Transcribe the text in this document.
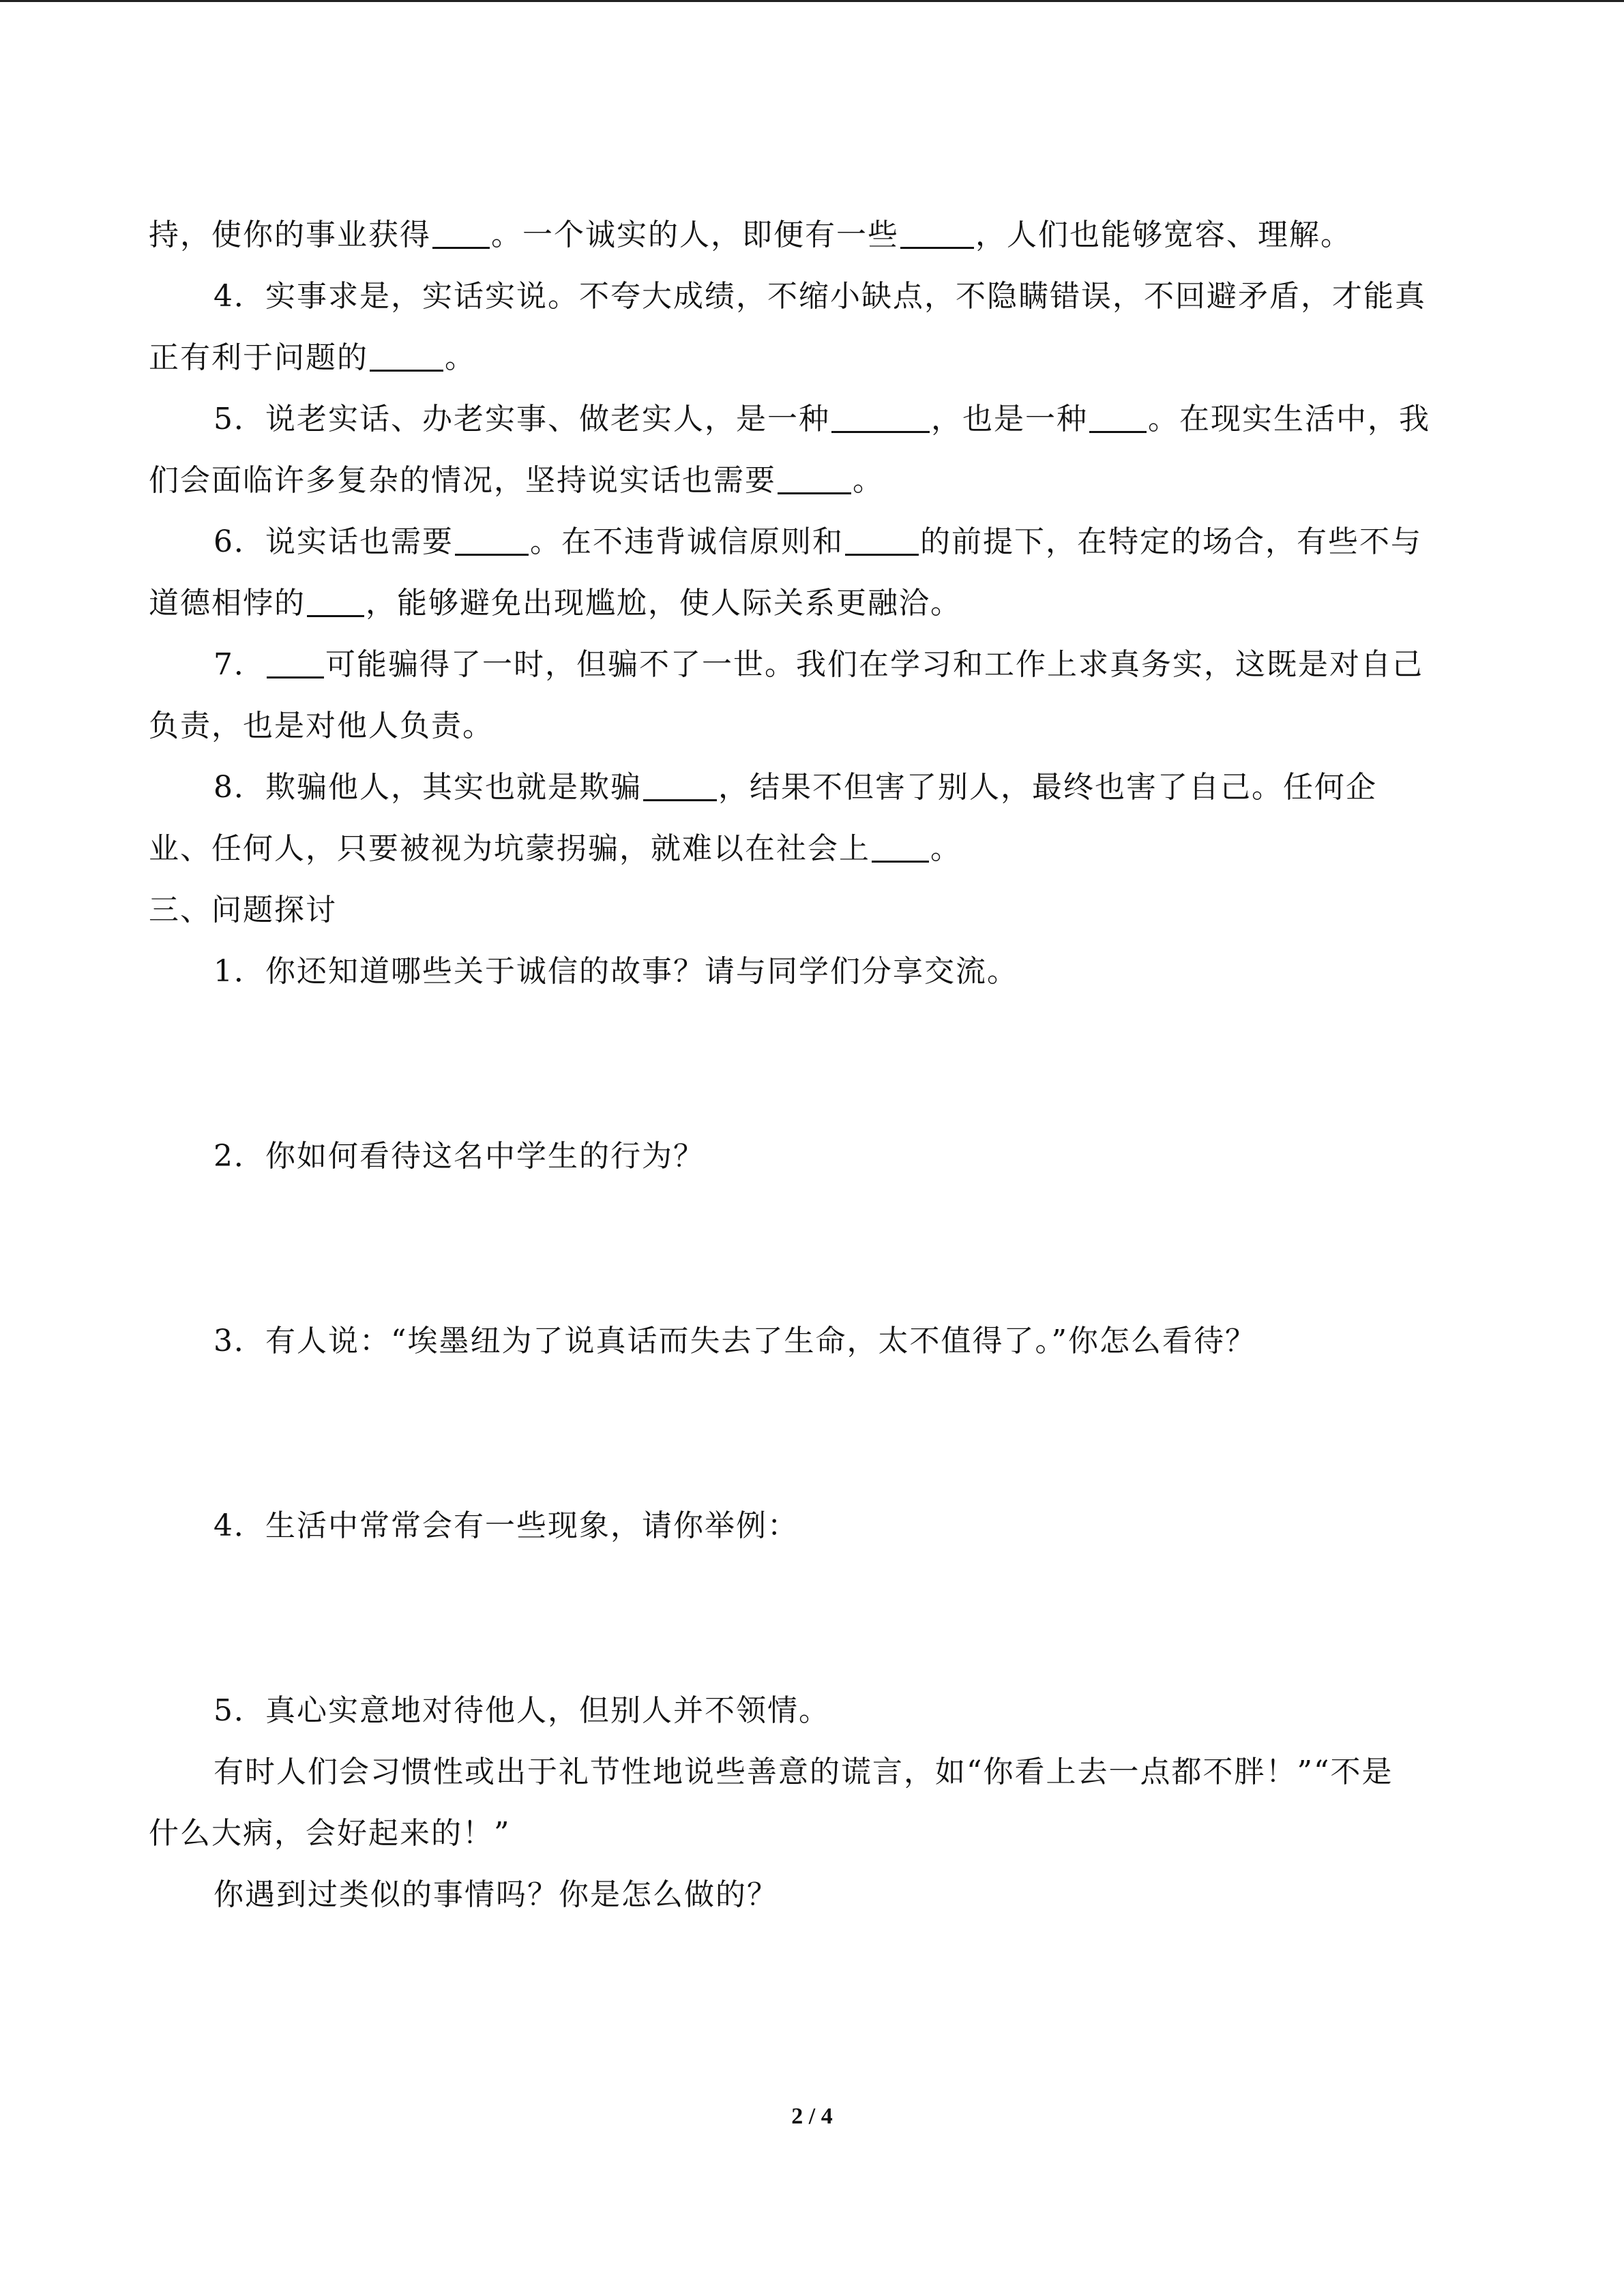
持，使你的事业获得 。一个诚实的人，即便有一些	，人们也能够宽容、理解。
4．实事求是，实话实说。不夸大成绩，不缩小缺点，不隐瞒错误，不回避矛盾，才能真
正有利于问题的	。
5．说老实话、办老实事、做老实人，是一种	，也是一种 。在现实生活中，我
们会面临许多复杂的情况，坚持说实话也需要	。
6．说实话也需要	。在不违背诚信原则和	的前提下，在特定的场合，有些不与
道德相悖的 ，能够避免出现尴尬，使人际关系更融洽。
7． 可能骗得了一时，但骗不了一世。我们在学习和工作上求真务实，这既是对自己
负责，也是对他人负责。
8．欺骗他人，其实也就是欺骗	，结果不但害了别人，最终也害了自己。任何企
业、任何人，只要被视为坑蒙拐骗，就难以在社会上 。
三、问题探讨
1．你还知道哪些关于诚信的故事？请与同学们分享交流。
2．你如何看待这名中学生的行为？
3．有人说：“埃墨纽为了说真话而失去了生命，太不值得了。”你怎么看待？
4．生活中常常会有一些现象，请你举例：
5．真心实意地对待他人，但别人并不领情。
有时人们会习惯性或出于礼节性地说些善意的谎言，如“你看上去一点都不胖！”“不是
什么大病，会好起来的！”
你遇到过类似的事情吗？你是怎么做的？
2 / 4
